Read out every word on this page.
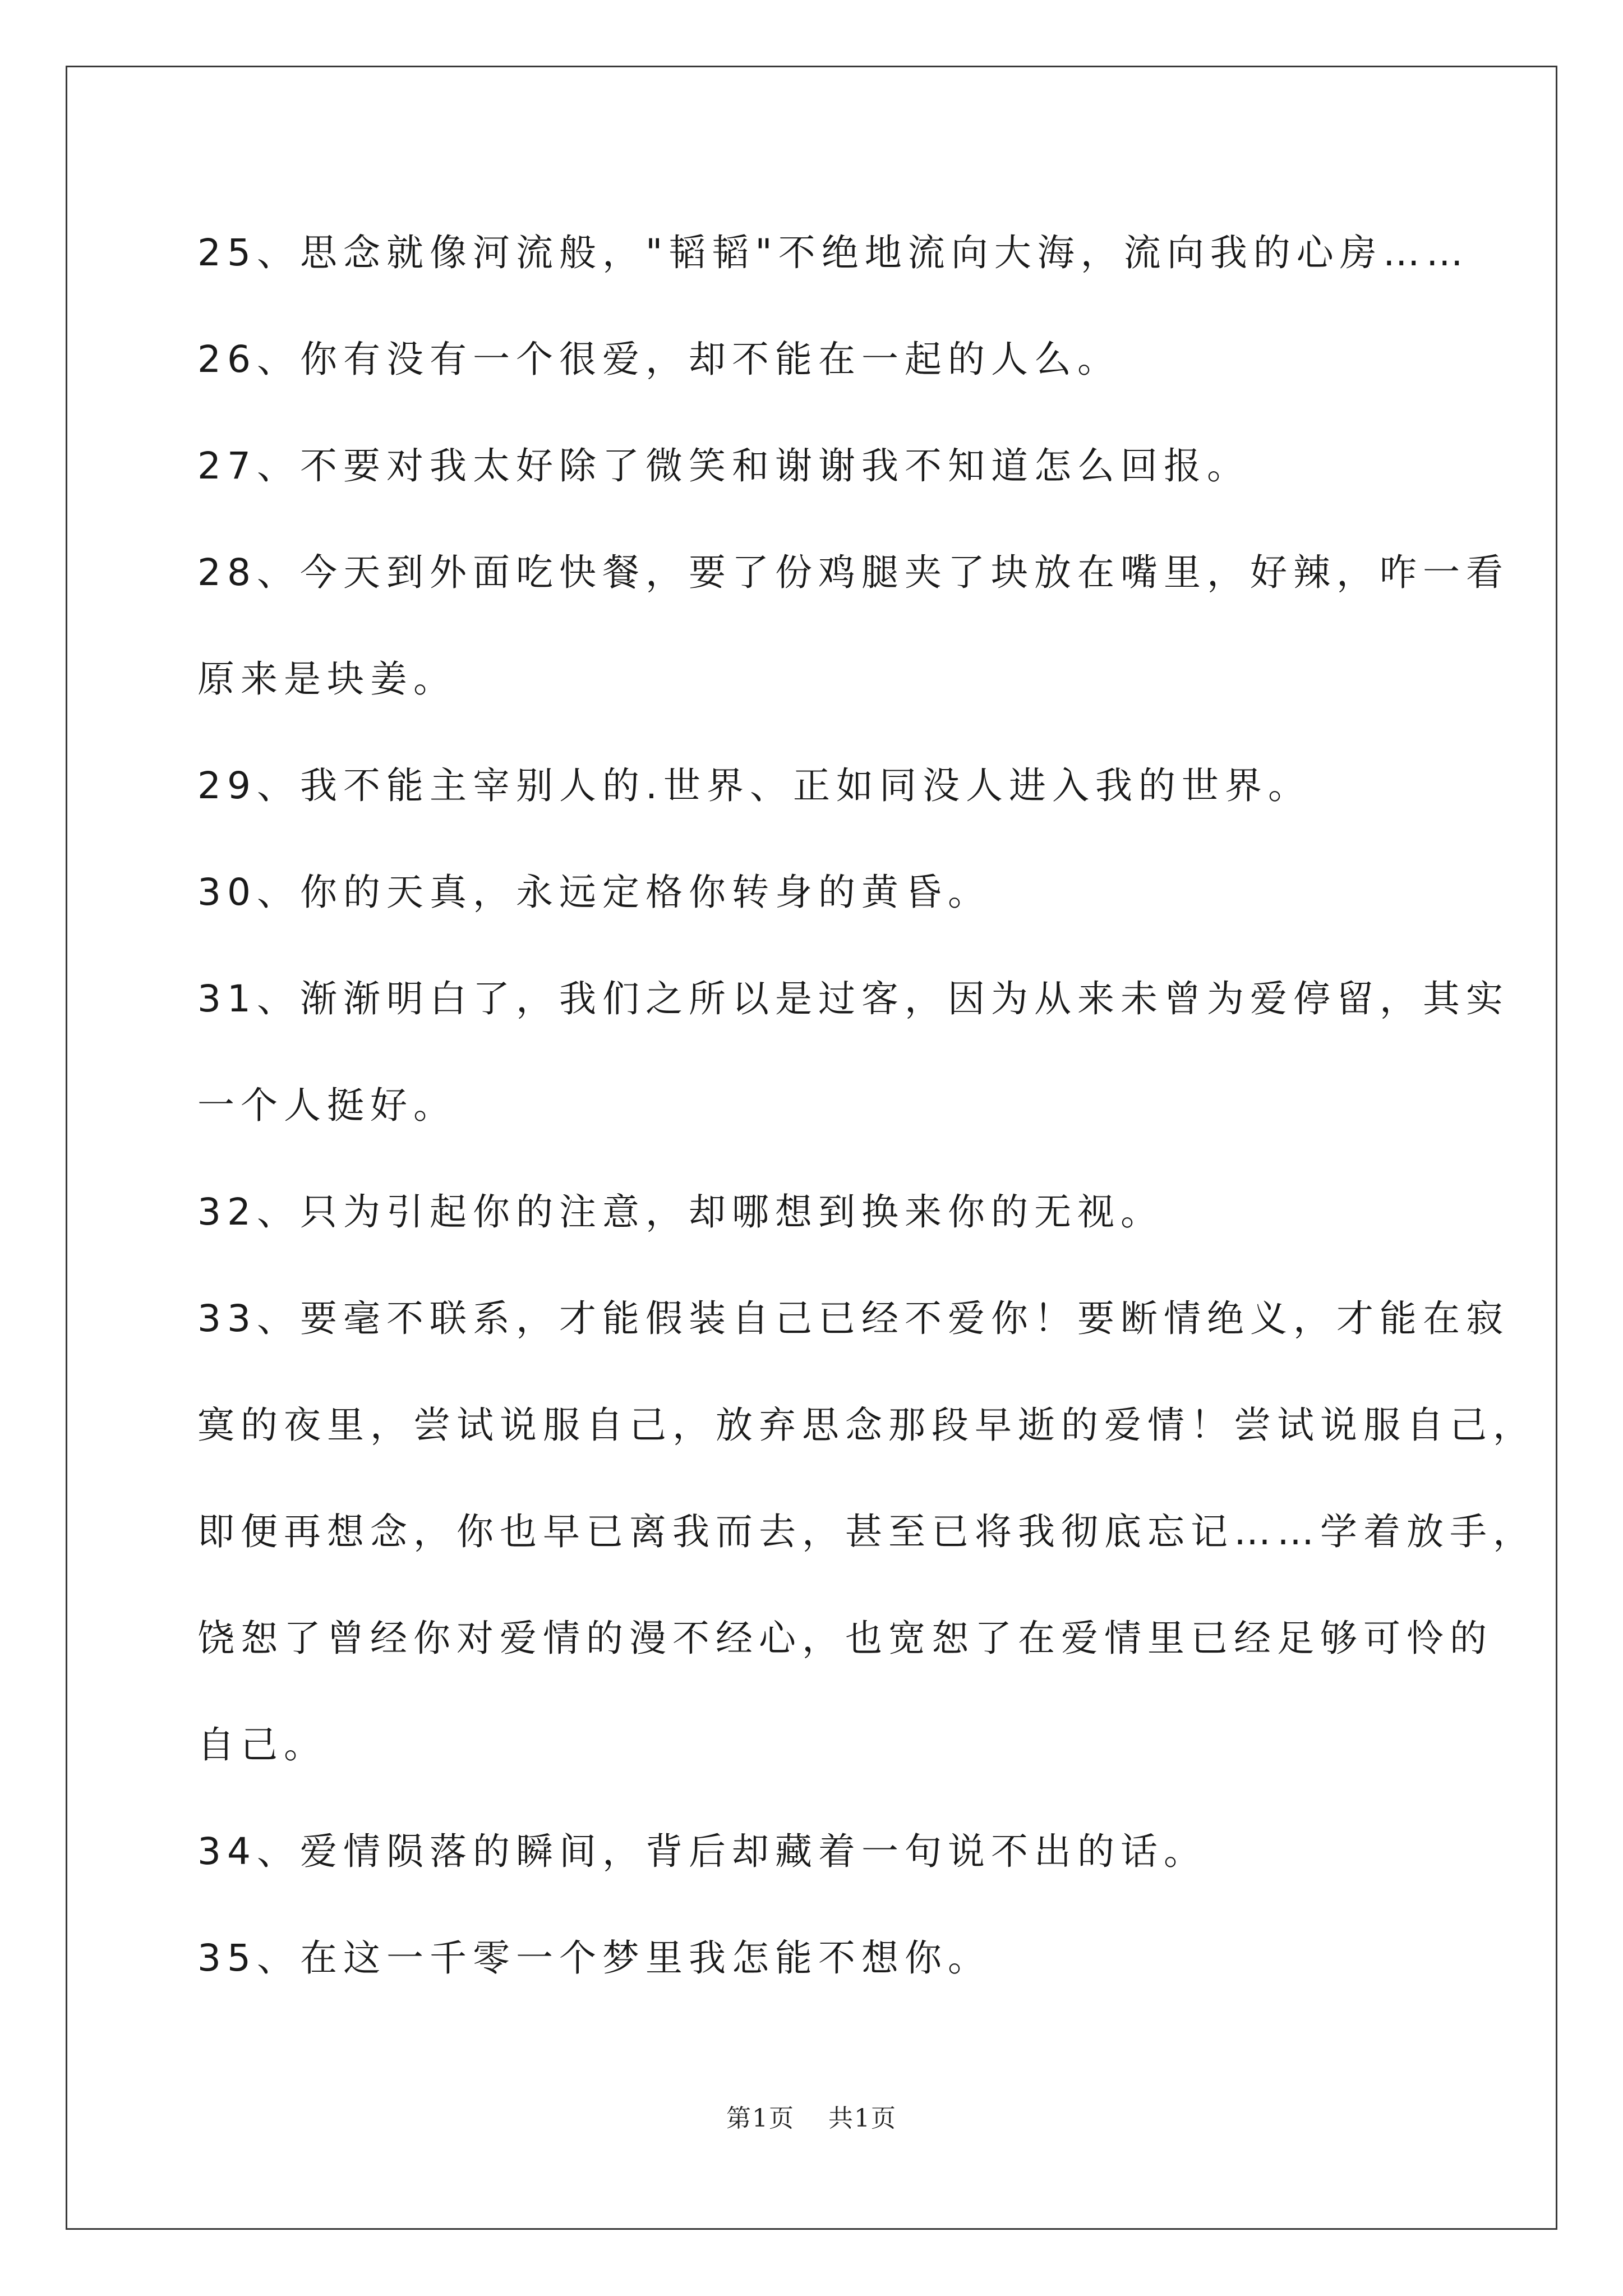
25、思念就像河流般，"韬韬"不绝地流向大海，流向我的心房……
26、你有没有一个很爱，却不能在一起的人么。
27、不要对我太好除了微笑和谢谢我不知道怎么回报。
28、今天到外面吃快餐，要了份鸡腿夹了块放在嘴里，好辣，咋一看
原来是块姜。
29、我不能主宰别人的.世界、正如同没人进入我的世界。
30、你的天真，永远定格你转身的黄昏。
31、渐渐明白了，我们之所以是过客，因为从来未曾为爱停留，其实
一个人挺好。
32、只为引起你的注意，却哪想到换来你的无视。
33、要毫不联系，才能假装自己已经不爱你！要断情绝义，才能在寂
寞的夜里，尝试说服自己，放弃思念那段早逝的爱情！尝试说服自己，
即便再想念，你也早已离我而去，甚至已将我彻底忘记……学着放手，
饶恕了曾经你对爱情的漫不经心，也宽恕了在爱情里已经足够可怜的
自己。
34、爱情陨落的瞬间，背后却藏着一句说不出的话。
35、在这一千零一个梦里我怎能不想你。
第1页 共1页
